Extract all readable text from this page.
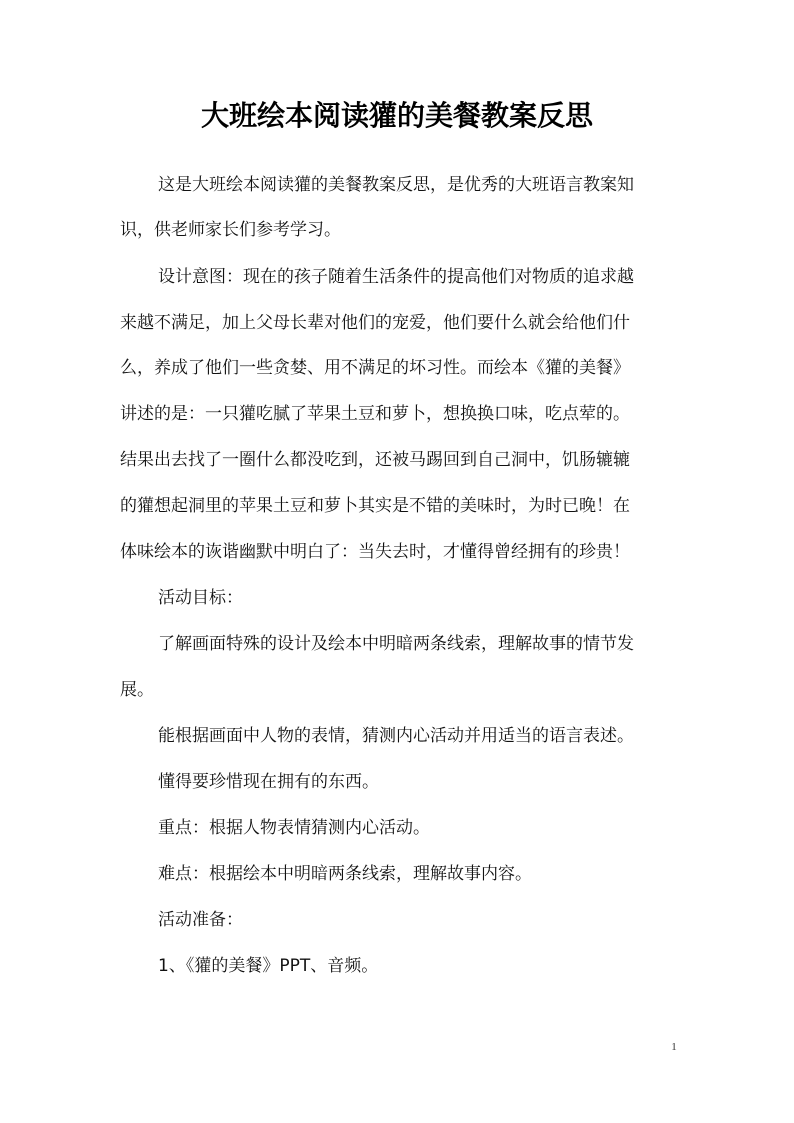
大班绘本阅读獾的美餐教案反思

这是大班绘本阅读獾的美餐教案反思，是优秀的大班语言教案知

识，供老师家长们参考学习。

设计意图：现在的孩子随着生活条件的提高他们对物质的追求越

来越不满足，加上父母长辈对他们的宠爱，他们要什么就会给他们什

么，养成了他们一些贪婪、用不满足的坏习性。而绘本《獾的美餐》

讲述的是：一只獾吃腻了苹果土豆和萝卜，想换换口味，吃点荤的。

结果出去找了一圈什么都没吃到，还被马踢回到自己洞中，饥肠辘辘

的獾想起洞里的苹果土豆和萝卜其实是不错的美味时，为时已晚！在

体味绘本的诙谐幽默中明白了：当失去时，才懂得曾经拥有的珍贵！

活动目标：

了解画面特殊的设计及绘本中明暗两条线索，理解故事的情节发

展。

能根据画面中人物的表情，猜测内心活动并用适当的语言表述。

懂得要珍惜现在拥有的东西。

重点：根据人物表情猜测内心活动。

难点：根据绘本中明暗两条线索，理解故事内容。

活动准备：

1、《獾的美餐》PPT、音频。

1
